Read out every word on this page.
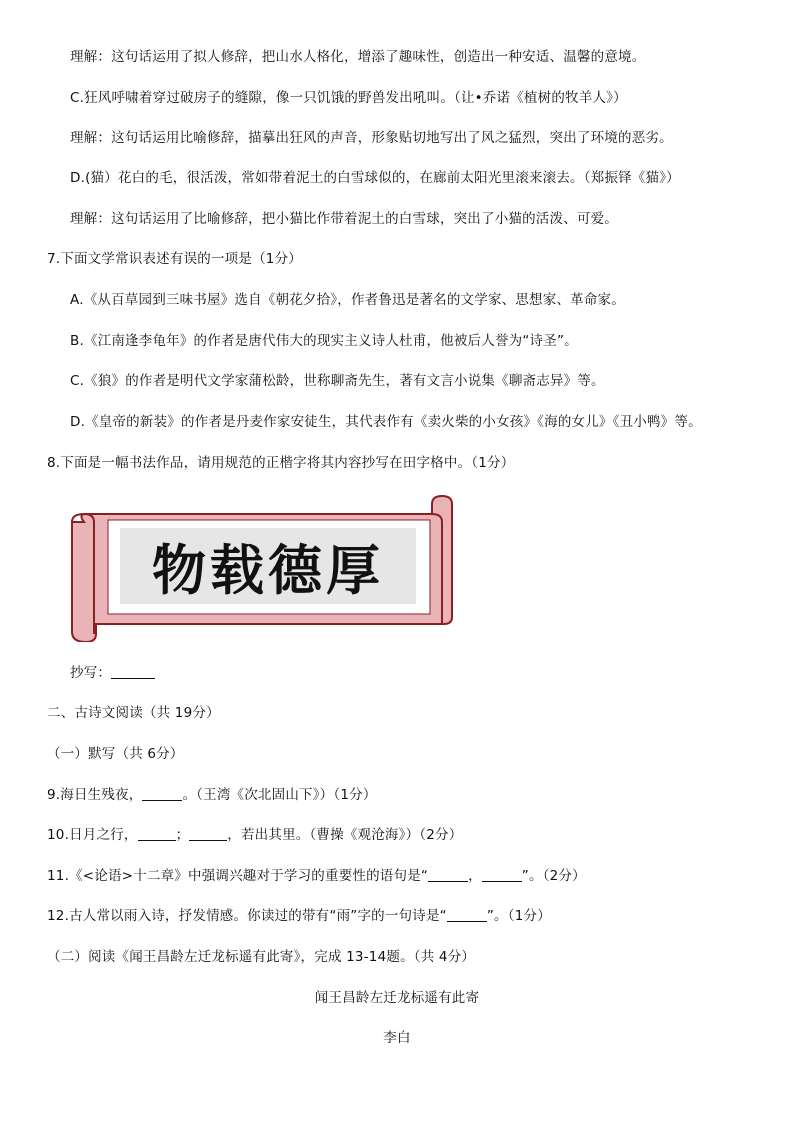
理解：这句话运用了拟人修辞，把山水人格化，增添了趣味性，创造出一种安适、温馨的意境。
C.狂风呼啸着穿过破房子的缝隙，像一只饥饿的野兽发出吼叫。（让•乔诺《植树的牧羊人》）
理解：这句话运用比喻修辞，描摹出狂风的声音，形象贴切地写出了风之猛烈，突出了环境的恶劣。
D.(猫）花白的毛，很活泼，常如带着泥土的白雪球似的，在廊前太阳光里滚来滚去。（郑振铎《猫》）
理解：这句话运用了比喻修辞，把小猫比作带着泥土的白雪球，突出了小猫的活泼、可爱。
7.下面文学常识表述有误的一项是（1分）
A.《从百草园到三味书屋》选自《朝花夕拾》，作者鲁迅是著名的文学家、思想家、革命家。
B.《江南逢李龟年》的作者是唐代伟大的现实主义诗人杜甫，他被后人誉为“诗圣”。
C.《狼》的作者是明代文学家蒲松龄，世称聊斋先生，著有文言小说集《聊斋志异》等。
D.《皇帝的新装》的作者是丹麦作家安徒生，其代表作有《卖火柴的小女孩》《海的女儿》《丑小鸭》等。
8.下面是一幅书法作品，请用规范的正楷字将其内容抄写在田字格中。（1分）
物载德厚
抄写：
二、古诗文阅读（共 19分）
（一）默写（共 6分）
9.海日生残夜，	。（王湾《次北固山下》）（1分）
10.日月之行，	；	，若出其里。（曹操《观沧海》）（2分）
11.《<论语>十二章》中强调兴趣对于学习的重要性的语句是“	，	”。（2分）
12.古人常以雨入诗，抒发情感。你读过的带有“雨”字的一句诗是“	”。（1分）
（二）阅读《闻王昌龄左迁龙标遥有此寄》，完成 13-14题。（共 4分）
闻王昌龄左迁龙标遥有此寄
李白
